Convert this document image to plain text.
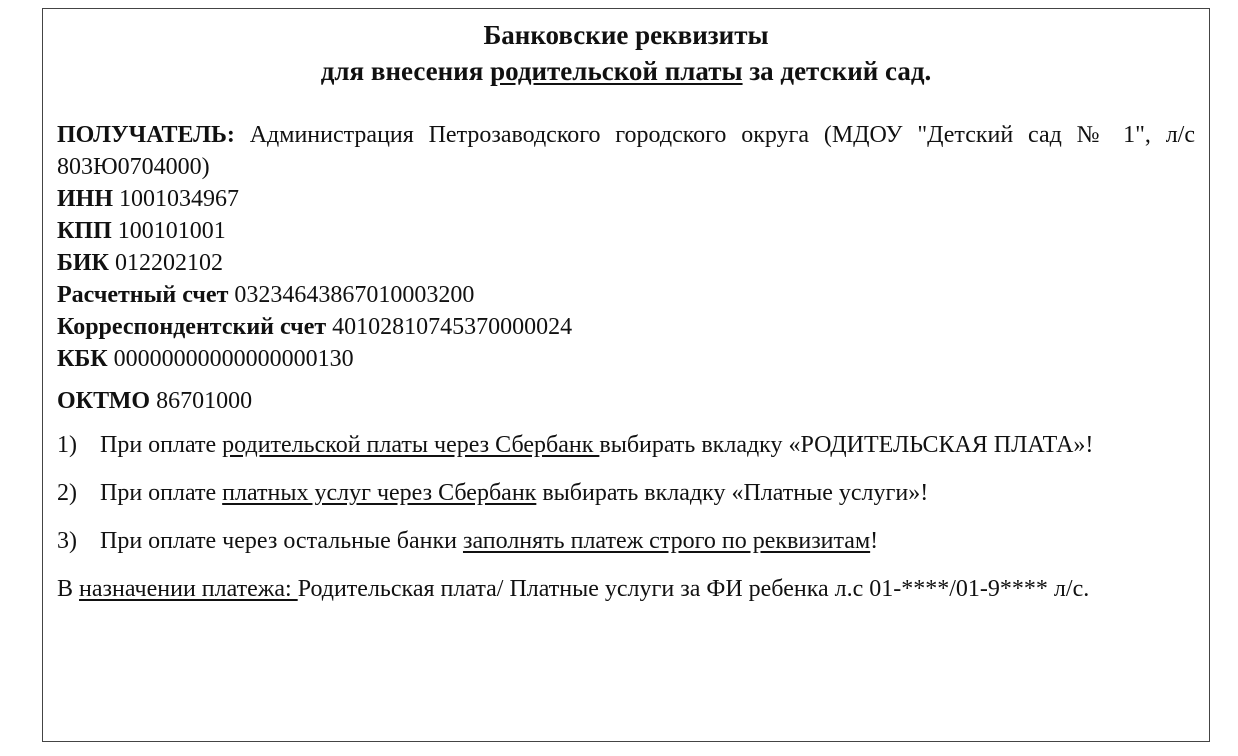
Банковские реквизиты
для внесения родительской платы за детский сад.
ПОЛУЧАТЕЛЬ: Администрация Петрозаводского городского округа (МДОУ "Детский сад № 1", л/с 803Ю0704000)
ИНН 1001034967
КПП 100101001
БИК 012202102
Расчетный счет 03234643867010003200
Корреспондентский счет 40102810745370000024
КБК 00000000000000000130
ОКТМО 86701000
1) При оплате родительской платы через Сбербанк выбирать вкладку «РОДИТЕЛЬСКАЯ ПЛАТА»!
2) При оплате платных услуг через Сбербанк выбирать вкладку «Платные услуги»!
3) При оплате через остальные банки заполнять платеж строго по реквизитам!
В назначении платежа: Родительская плата/ Платные услуги за ФИ ребенка л.с 01-****/01-9**** л/с.
